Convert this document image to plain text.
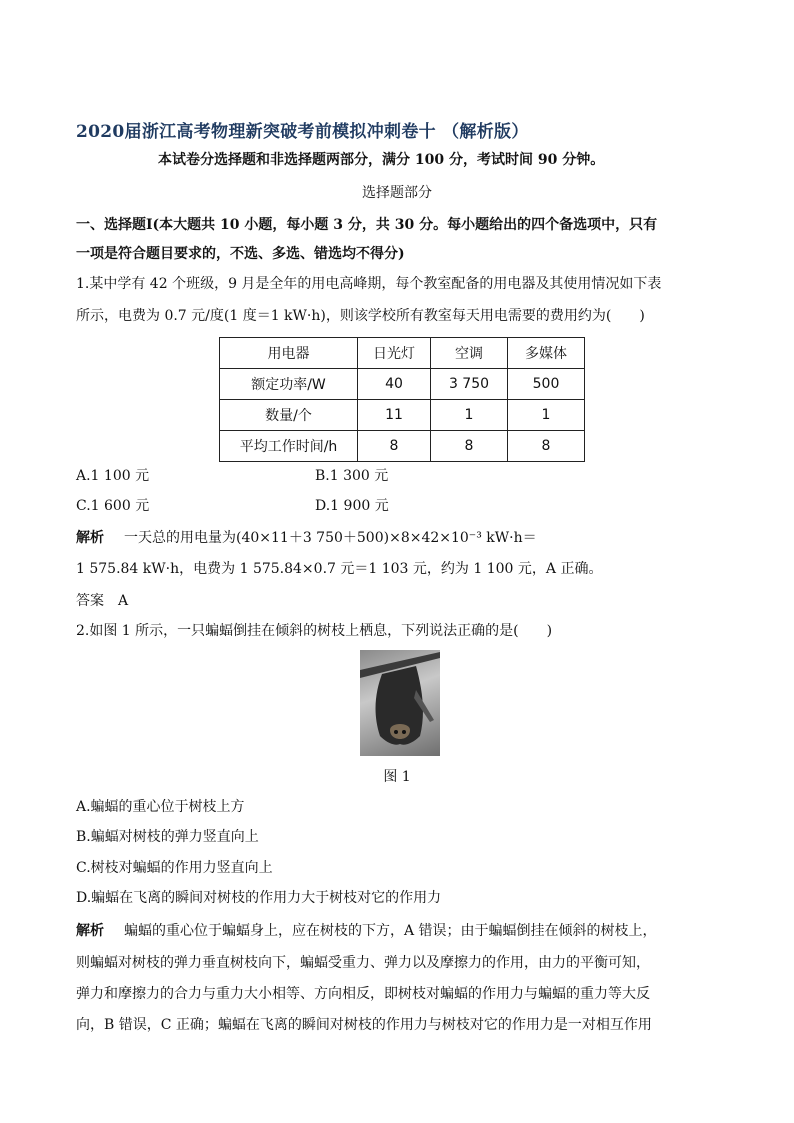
2020届浙江高考物理新突破考前模拟冲刺卷十 （解析版）
本试卷分选择题和非选择题两部分，满分 100 分，考试时间 90 分钟。
选择题部分
一、选择题Ⅰ(本大题共 10 小题，每小题 3 分，共 30 分。每小题给出的四个备选项中，只有
一项是符合题目要求的，不选、多选、错选均不得分)
1.某中学有 42 个班级，9 月是全年的用电高峰期，每个教室配备的用电器及其使用情况如下表
所示，电费为 0.7 元/度(1 度＝1 kW·h)，则该学校所有教室每天用电需要的费用约为(　　)
用电器	日光灯	空调	多媒体
额定功率/W	40	3 750	500
数量/个	11	1	1
平均工作时间/h	8	8	8
A.1 100 元	B.1 300 元
C.1 600 元	D.1 900 元
解析 一天总的用电量为(40×11＋3 750＋500)×8×42×10⁻³ kW·h＝
1 575.84 kW·h，电费为 1 575.84×0.7 元＝1 103 元，约为 1 100 元，A 正确。
答案　A
2.如图 1 所示，一只蝙蝠倒挂在倾斜的树枝上栖息，下列说法正确的是(　　)
图 1
A.蝙蝠的重心位于树枝上方
B.蝙蝠对树枝的弹力竖直向上
C.树枝对蝙蝠的作用力竖直向上
D.蝙蝠在飞离的瞬间对树枝的作用力大于树枝对它的作用力
解析 蝙蝠的重心位于蝙蝠身上，应在树枝的下方，A 错误；由于蝙蝠倒挂在倾斜的树枝上，
则蝙蝠对树枝的弹力垂直树枝向下，蝙蝠受重力、弹力以及摩擦力的作用，由力的平衡可知，
弹力和摩擦力的合力与重力大小相等、方向相反，即树枝对蝙蝠的作用力与蝙蝠的重力等大反
向，B 错误，C 正确；蝙蝠在飞离的瞬间对树枝的作用力与树枝对它的作用力是一对相互作用
